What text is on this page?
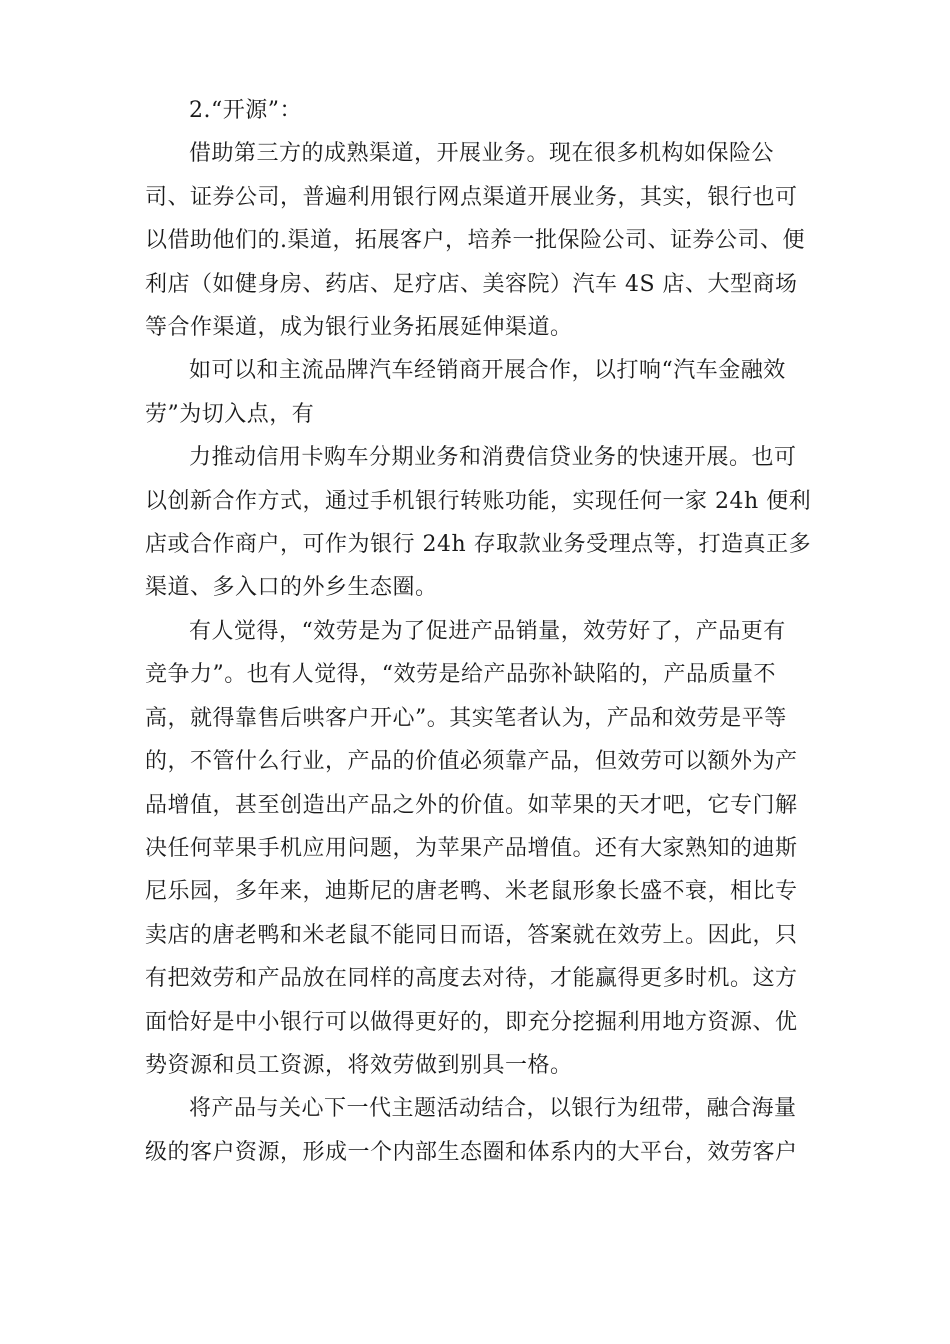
2.“开源”：

借助第三方的成熟渠道，开展业务。现在很多机构如保险公
司、证券公司，普遍利用银行网点渠道开展业务，其实，银行也可
以借助他们的.渠道，拓展客户，培养一批保险公司、证券公司、便
利店（如健身房、药店、足疗店、美容院）汽车 4S 店、大型商场
等合作渠道，成为银行业务拓展延伸渠道。

如可以和主流品牌汽车经销商开展合作，以打响“汽车金融效
劳”为切入点，有

力推动信用卡购车分期业务和消费信贷业务的快速开展。也可
以创新合作方式，通过手机银行转账功能，实现任何一家 24h 便利
店或合作商户，可作为银行 24h 存取款业务受理点等，打造真正多
渠道、多入口的外乡生态圈。

有人觉得，“效劳是为了促进产品销量，效劳好了，产品更有
竞争力”。也有人觉得，“效劳是给产品弥补缺陷的，产品质量不
高，就得靠售后哄客户开心”。其实笔者认为，产品和效劳是平等
的，不管什么行业，产品的价值必须靠产品，但效劳可以额外为产
品增值，甚至创造出产品之外的价值。如苹果的天才吧，它专门解
决任何苹果手机应用问题，为苹果产品增值。还有大家熟知的迪斯
尼乐园，多年来，迪斯尼的唐老鸭、米老鼠形象长盛不衰，相比专
卖店的唐老鸭和米老鼠不能同日而语，答案就在效劳上。因此，只
有把效劳和产品放在同样的高度去对待，才能赢得更多时机。这方
面恰好是中小银行可以做得更好的，即充分挖掘利用地方资源、优
势资源和员工资源，将效劳做到别具一格。

将产品与关心下一代主题活动结合，以银行为纽带，融合海量
级的客户资源，形成一个内部生态圈和体系内的大平台，效劳客户
